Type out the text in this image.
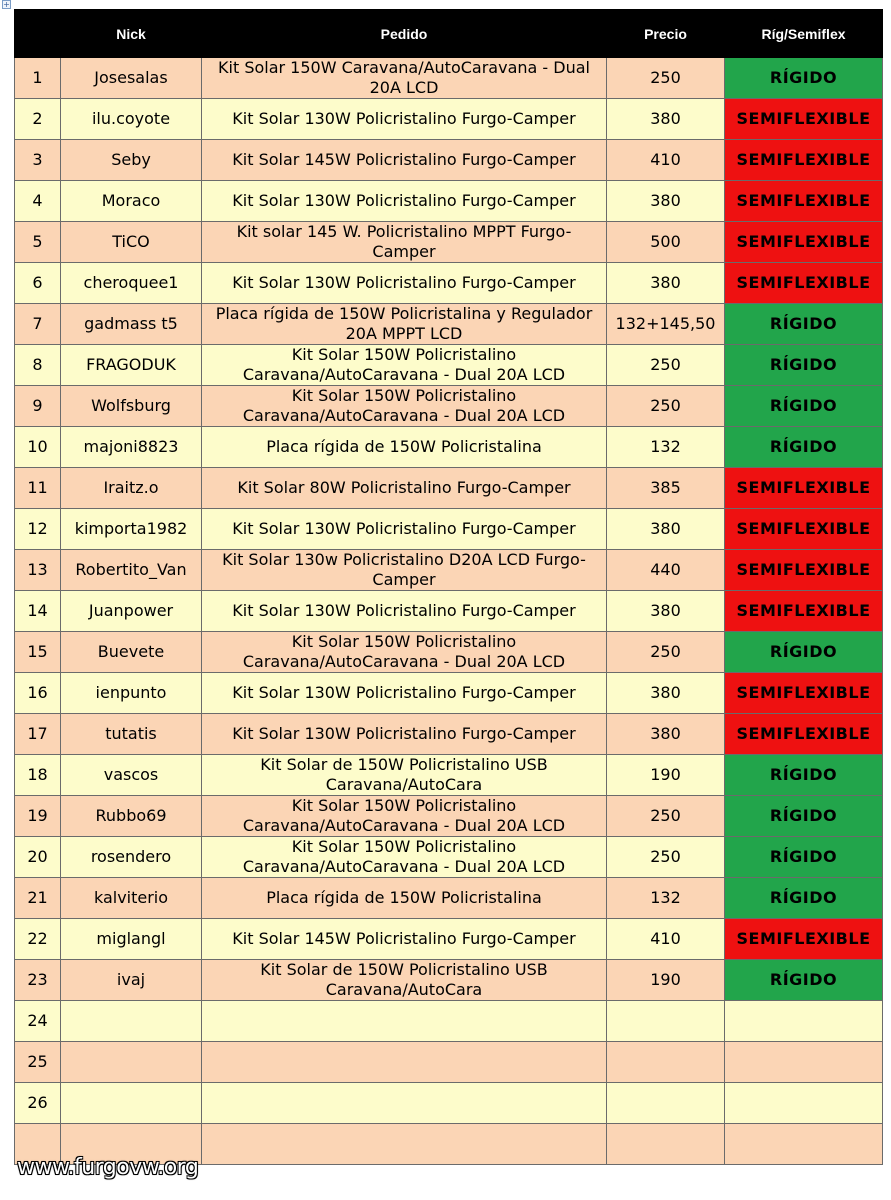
+
	Nick	Pedido	Precio	Ríg/Semiflex
1	Josesalas	Kit Solar 150W Caravana/AutoCaravana - Dual 20A LCD	250	RÍGIDO
2	ilu.coyote	Kit Solar 130W Policristalino Furgo-Camper	380	SEMIFLEXIBLE
3	Seby	Kit Solar 145W Policristalino Furgo-Camper	410	SEMIFLEXIBLE
4	Moraco	Kit Solar 130W Policristalino Furgo-Camper	380	SEMIFLEXIBLE
5	TiCO	Kit solar 145 W. Policristalino MPPT Furgo-Camper	500	SEMIFLEXIBLE
6	cheroquee1	Kit Solar 130W Policristalino Furgo-Camper	380	SEMIFLEXIBLE
7	gadmass t5	Placa rígida de 150W Policristalina y Regulador 20A MPPT LCD	132+145,50	RÍGIDO
8	FRAGODUK	Kit Solar 150W Policristalino Caravana/AutoCaravana - Dual 20A LCD	250	RÍGIDO
9	Wolfsburg	Kit Solar 150W Policristalino Caravana/AutoCaravana - Dual 20A LCD	250	RÍGIDO
10	majoni8823	Placa rígida de 150W Policristalina	132	RÍGIDO
11	Iraitz.o	Kit Solar 80W Policristalino Furgo-Camper	385	SEMIFLEXIBLE
12	kimporta1982	Kit Solar 130W Policristalino Furgo-Camper	380	SEMIFLEXIBLE
13	Robertito_Van	Kit Solar 130w Policristalino D20A LCD Furgo-Camper	440	SEMIFLEXIBLE
14	Juanpower	Kit Solar 130W Policristalino Furgo-Camper	380	SEMIFLEXIBLE
15	Buevete	Kit Solar 150W Policristalino Caravana/AutoCaravana - Dual 20A LCD	250	RÍGIDO
16	ienpunto	Kit Solar 130W Policristalino Furgo-Camper	380	SEMIFLEXIBLE
17	tutatis	Kit Solar 130W Policristalino Furgo-Camper	380	SEMIFLEXIBLE
18	vascos	Kit Solar de 150W Policristalino USB Caravana/AutoCara	190	RÍGIDO
19	Rubbo69	Kit Solar 150W Policristalino Caravana/AutoCaravana - Dual 20A LCD	250	RÍGIDO
20	rosendero	Kit Solar 150W Policristalino Caravana/AutoCaravana - Dual 20A LCD	250	RÍGIDO
21	kalviterio	Placa rígida de 150W Policristalina	132	RÍGIDO
22	miglangl	Kit Solar 145W Policristalino Furgo-Camper	410	SEMIFLEXIBLE
23	ivaj	Kit Solar de 150W Policristalino USB Caravana/AutoCara	190	RÍGIDO
24				
25				
26				

www.furgovw.org
